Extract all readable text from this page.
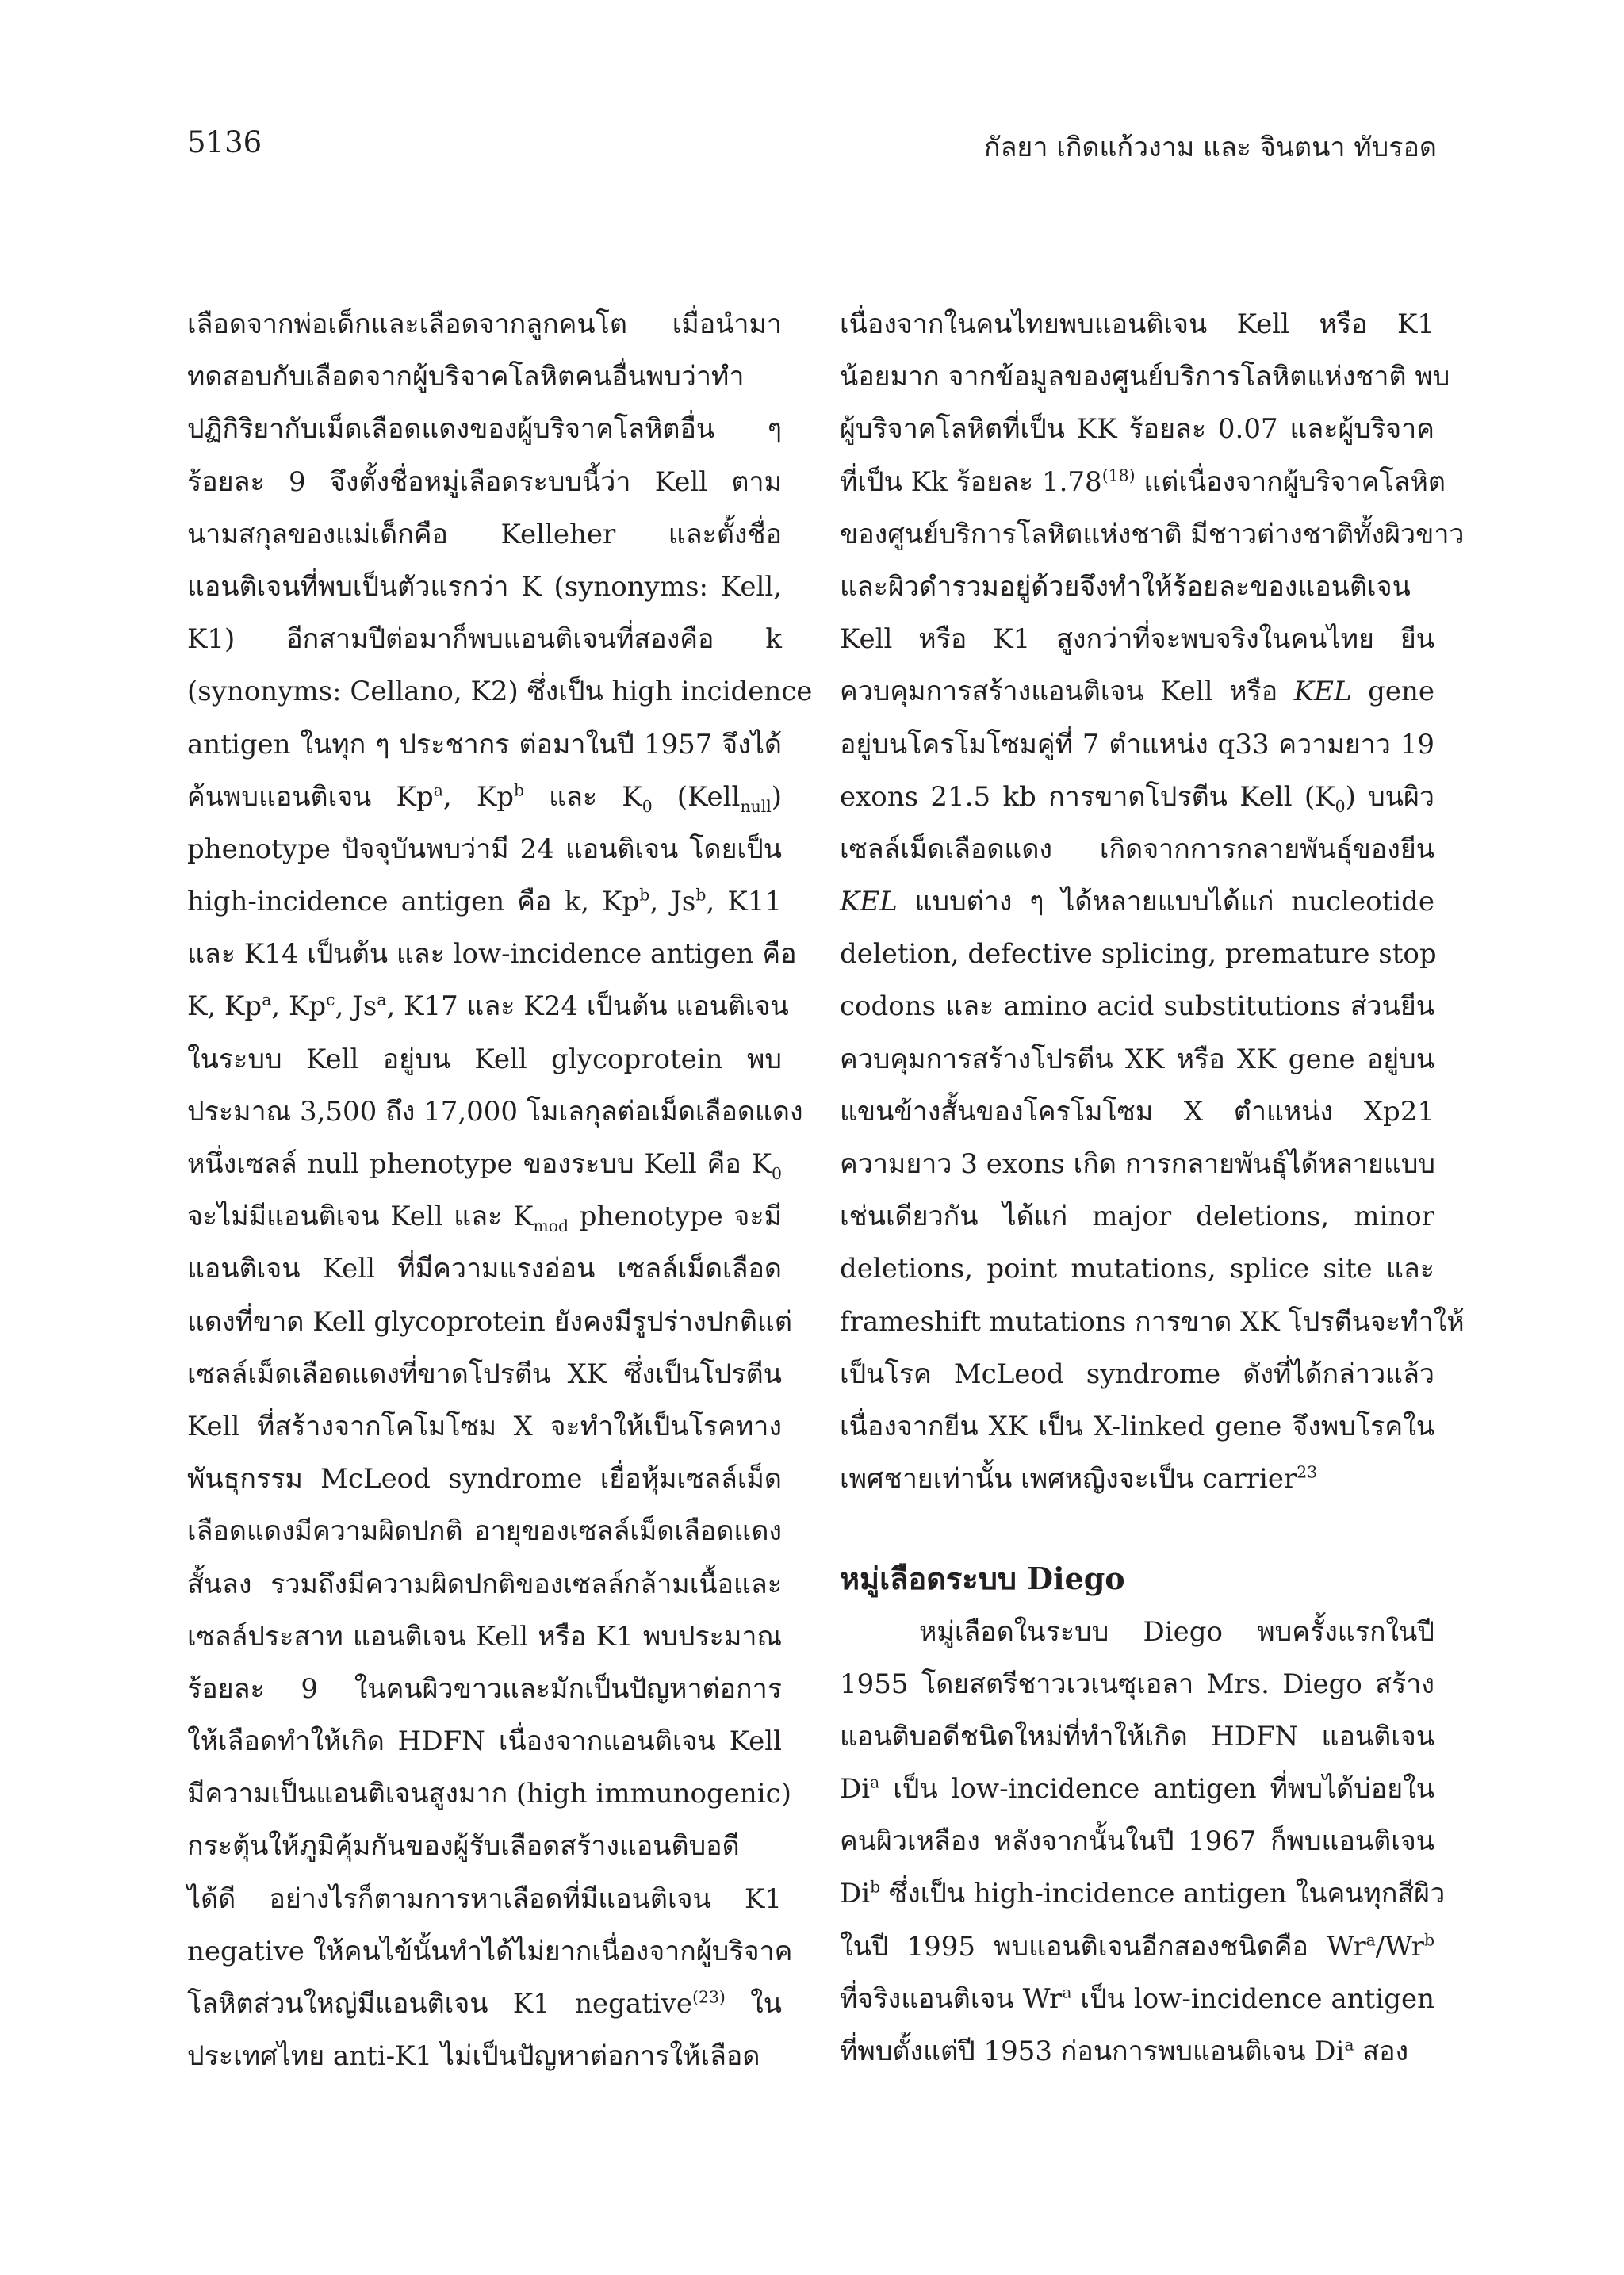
5136	กัลยา เกิดแก้วงาม และ จินตนา ทับรอด
เลือดจากพ่อเด็กและเลือดจากลูกคนโต เมื่อนำมา
ทดสอบกับเลือดจากผู้บริจาคโลหิตคนอื่นพบว่าทำ
ปฏิกิริยากับเม็ดเลือดแดงของผู้บริจาคโลหิตอื่น ๆ
ร้อยละ 9 จึงตั้งชื่อหมู่เลือดระบบนี้ว่า Kell ตาม
นามสกุลของแม่เด็กคือ Kelleher และตั้งชื่อ
แอนติเจนที่พบเป็นตัวแรกว่า K (synonyms: Kell,
K1) อีกสามปีต่อมาก็พบแอนติเจนที่สองคือ k
(synonyms: Cellano, K2) ซึ่งเป็น high incidence
antigen ในทุก ๆ ประชากร ต่อมาในปี 1957 จึงได้
ค้นพบแอนติเจน Kp$^a$, Kp$^b$ และ $K_0$ (Kell$_{null}$)
phenotype ปัจจุบันพบว่ามี 24 แอนติเจน โดยเป็น
high-incidence antigen คือ k, Kp$^b$, Js$^b$, K11
และ K14 เป็นต้น และ low-incidence antigen คือ
K, Kp$^a$, Kp$^c$, Js$^a$, K17 และ K24 เป็นต้น แอนติเจน
ในระบบ Kell อยู่บน Kell glycoprotein พบ
ประมาณ 3,500 ถึง 17,000 โมเลกุลต่อเม็ดเลือดแดง
หนึ่งเซลล์ null phenotype ของระบบ Kell คือ $K_0$
จะไม่มีแอนติเจน Kell และ $K_{mod}$ phenotype จะมี
แอนติเจน Kell ที่มีความแรงอ่อน เซลล์เม็ดเลือด
แดงที่ขาด Kell glycoprotein ยังคงมีรูปร่างปกติแต่
เซลล์เม็ดเลือดแดงที่ขาดโปรตีน XK ซึ่งเป็นโปรตีน
Kell ที่สร้างจากโคโมโซม X จะทำให้เป็นโรคทาง
พันธุกรรม McLeod syndrome เยื่อหุ้มเซลล์เม็ด
เลือดแดงมีความผิดปกติ อายุของเซลล์เม็ดเลือดแดง
สั้นลง รวมถึงมีความผิดปกติของเซลล์กล้ามเนื้อและ
เซลล์ประสาท แอนติเจน Kell หรือ K1 พบประมาณ
ร้อยละ 9 ในคนผิวขาวและมักเป็นปัญหาต่อการ
ให้เลือดทำให้เกิด HDFN เนื่องจากแอนติเจน Kell
มีความเป็นแอนติเจนสูงมาก (high immunogenic)
กระตุ้นให้ภูมิคุ้มกันของผู้รับเลือดสร้างแอนติบอดี
ได้ดี อย่างไรก็ตามการหาเลือดที่มีแอนติเจน K1
negative ให้คนไข้นั้นทำได้ไม่ยากเนื่องจากผู้บริจาค
โลหิตส่วนใหญ่มีแอนติเจน K1 negative$^{(23)}$ ใน
ประเทศไทย anti-K1 ไม่เป็นปัญหาต่อการให้เลือด
เนื่องจากในคนไทยพบแอนติเจน Kell หรือ K1
น้อยมาก จากข้อมูลของศูนย์บริการโลหิตแห่งชาติ พบ
ผู้บริจาคโลหิตที่เป็น KK ร้อยละ 0.07 และผู้บริจาค
ที่เป็น Kk ร้อยละ 1.78$^{(18)}$ แต่เนื่องจากผู้บริจาคโลหิต
ของศูนย์บริการโลหิตแห่งชาติ มีชาวต่างชาติทั้งผิวขาว
และผิวดำรวมอยู่ด้วยจึงทำให้ร้อยละของแอนติเจน
Kell หรือ K1 สูงกว่าที่จะพบจริงในคนไทย ยีน
ควบคุมการสร้างแอนติเจน Kell หรือ KEL gene
อยู่บนโครโมโซมคู่ที่ 7 ตำแหน่ง q33 ความยาว 19
exons 21.5 kb การขาดโปรตีน Kell $(K_0)$ บนผิว
เซลล์เม็ดเลือดแดง เกิดจากการกลายพันธุ์ของยีน
KEL แบบต่าง ๆ ได้หลายแบบได้แก่ nucleotide
deletion, defective splicing, premature stop
codons และ amino acid substitutions ส่วนยีน
ควบคุมการสร้างโปรตีน XK หรือ XK gene อยู่บน
แขนข้างสั้นของโครโมโซม X ตำแหน่ง Xp21
ความยาว 3 exons เกิด การกลายพันธุ์ได้หลายแบบ
เช่นเดียวกัน ได้แก่ major deletions, minor
deletions, point mutations, splice site และ
frameshift mutations การขาด XK โปรตีนจะทำให้
เป็นโรค McLeod syndrome ดังที่ได้กล่าวแล้ว
เนื่องจากยีน XK เป็น X-linked gene จึงพบโรคใน
เพศชายเท่านั้น เพศหญิงจะเป็น carrier$^{23}$
หมู่เลือดระบบ Diego
หมู่เลือดในระบบ Diego พบครั้งแรกในปี
1955 โดยสตรีชาวเวเนซุเอลา Mrs. Diego สร้าง
แอนติบอดีชนิดใหม่ที่ทำให้เกิด HDFN แอนติเจน
Di$^a$ เป็น low-incidence antigen ที่พบได้บ่อยใน
คนผิวเหลือง หลังจากนั้นในปี 1967 ก็พบแอนติเจน
Di$^b$ ซึ่งเป็น high-incidence antigen ในคนทุกสีผิว
ในปี 1995 พบแอนติเจนอีกสองชนิดคือ Wr$^a$/Wr$^b$
ที่จริงแอนติเจน Wr$^a$ เป็น low-incidence antigen
ที่พบตั้งแต่ปี 1953 ก่อนการพบแอนติเจน Di$^a$ สอง
